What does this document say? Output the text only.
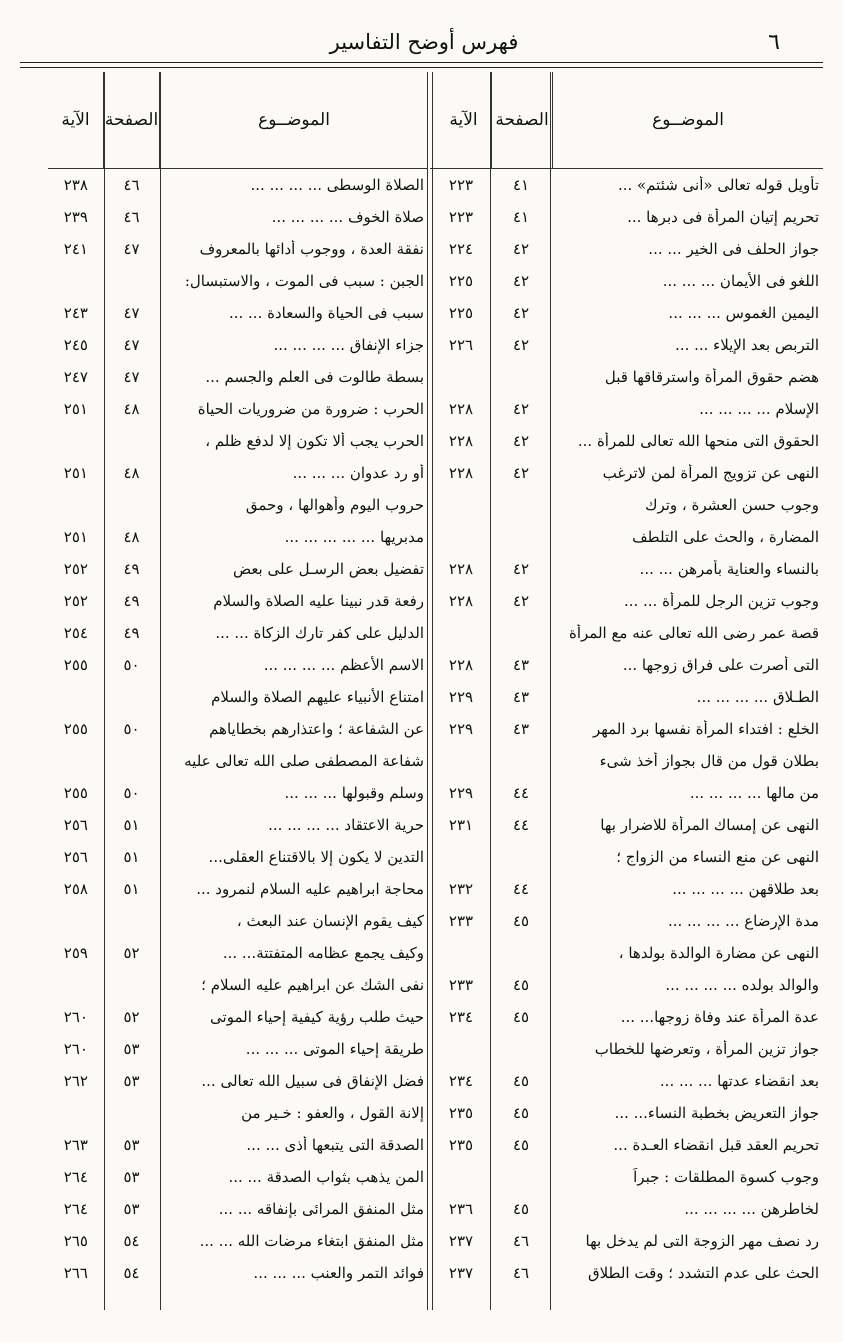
٦
فهرس أوضح التفاسير
الموضــوع
الصفحة
الآية
تأويل قوله تعالى «أنى شئتم» ...
٤١
٢٢٣
تحريم إتيان المرأة فى دبرها ...
٤١
٢٢٣
جواز الحلف فى الخير ... ...
٤٢
٢٢٤
اللغو فى الأيمان ... ... ...
٤٢
٢٢٥
اليمين الغموس ... ... ...
٤٢
٢٢٥
التربص بعد الإيلاء ... ...
٤٢
٢٢٦
هضم حقوق المرأة واسترقاقها قبل
الإسلام ... ... ... ...
٤٢
٢٢٨
الحقوق التى منحها الله تعالى للمرأة ...
٤٢
٢٢٨
النهى عن تزويج المرأة لمن لاترغب
٤٢
٢٢٨
وجوب حسن العشرة ، وترك
المضارة ، والحث على التلطف
بالنساء والعناية بأمرهن ... ...
٤٢
٢٢٨
وجوب تزين الرجل للمرأة ... ...
٤٢
٢٢٨
قصة عمر رضى الله تعالى عنه مع المرأة
التى أصرت على فراق زوجها ...
٤٣
٢٢٨
الطـلاق ... ... ... ...
٤٣
٢٢٩
الخلع : افتداء المرأة نفسها برد المهر
٤٣
٢٢٩
بطلان قول من قال بجواز أخذ شىء
من مالها ... ... ... ...
٤٤
٢٢٩
النهى عن إمساك المرأة للاضرار بها
٤٤
٢٣١
النهى عن منع النساء من الزواج ؛
بعد طلاقهن ... ... ... ...
٤٤
٢٣٢
مدة الإرضاع ... ... ... ...
٤٥
٢٣٣
النهى عن مضارة الوالدة بولدها ،
والوالد بولده ... ... ... ...
٤٥
٢٣٣
عدة المرأة عند وفاة زوجها... ...
٤٥
٢٣٤
جواز تزين المرأة ، وتعرضها للخطاب
بعد انقضاء عدتها ... ... ...
٤٥
٢٣٤
جواز التعريض بخطبة النساء... ...
٤٥
٢٣٥
تحريم العقد قبل انقضاء العـدة ...
٤٥
٢٣٥
وجوب كسوة المطلقات : جبراً
لخاطرهن ... ... ... ...
٤٥
٢٣٦
رد نصف مهر الزوجة التى لم يدخل بها
٤٦
٢٣٧
الحث على عدم التشدد ؛ وقت الطلاق
٤٦
٢٣٧
الموضــوع
الصفحة
الآية
الصلاة الوسطى ... ... ... ...
٤٦
٢٣٨
صلاة الخوف ... ... ... ...
٤٦
٢٣٩
نفقة العدة ، ووجوب أدائها بالمعروف
٤٧
٢٤١
الجبن : سبب فى الموت ، والاستبسال:
سبب فى الحياة والسعادة ... ...
٤٧
٢٤٣
جزاء الإنفاق ... ... ... ...
٤٧
٢٤٥
بسطة طالوت فى العلم والجسم ...
٤٧
٢٤٧
الحرب : ضرورة من ضروريات الحياة
٤٨
٢٥١
الحرب يجب ألا تكون إلا لدفع ظلم ،
أو رد عدوان ... ... ...
٤٨
٢٥١
حروب اليوم وأهوالها ، وحمق
مدبريها ... ... ... ... ...
٤٨
٢٥١
تفضيل بعض الرسـل على بعض
٤٩
٢٥٢
رفعة قدر نبينا عليه الصلاة والسلام
٤٩
٢٥٢
الدليل على كفر تارك الزكاة ... ...
٤٩
٢٥٤
الاسم الأعظم ... ... ... ...
٥٠
٢٥٥
امتناع الأنبياء عليهم الصلاة والسلام
عن الشفاعة ؛ واعتذارهم بخطاياهم
٥٠
٢٥٥
شفاعة المصطفى صلى الله تعالى عليه
وسلم وقبولها ... ... ...
٥٠
٢٥٥
حرية الاعتقاد ... ... ... ...
٥١
٢٥٦
التدين لا يكون إلا بالاقتناع العقلى...
٥١
٢٥٦
محاجة ابراهيم عليه السلام لنمرود ...
٥١
٢٥٨
كيف يقوم الإنسان عند البعث ،
وكيف يجمع عظامه المتفتتة... ...
٥٢
٢٥٩
نفى الشك عن ابراهيم عليه السلام ؛
حيث طلب رؤية كيفية إحياء الموتى
٥٢
٢٦٠
طريقة إحياء الموتى ... ... ...
٥٣
٢٦٠
فضل الإنفاق فى سبيل الله تعالى ...
٥٣
٢٦٢
إلانة القول ، والعفو : خـير من
الصدقة التى يتبعها أذى ... ...
٥٣
٢٦٣
المن يذهب بثواب الصدقة ... ...
٥٣
٢٦٤
مثل المنفق المرائى بإنفاقه ... ...
٥٣
٢٦٤
مثل المنفق ابتغاء مرضات الله ... ...
٥٤
٢٦٥
فوائد التمر والعنب ... ... ...
٥٤
٢٦٦
